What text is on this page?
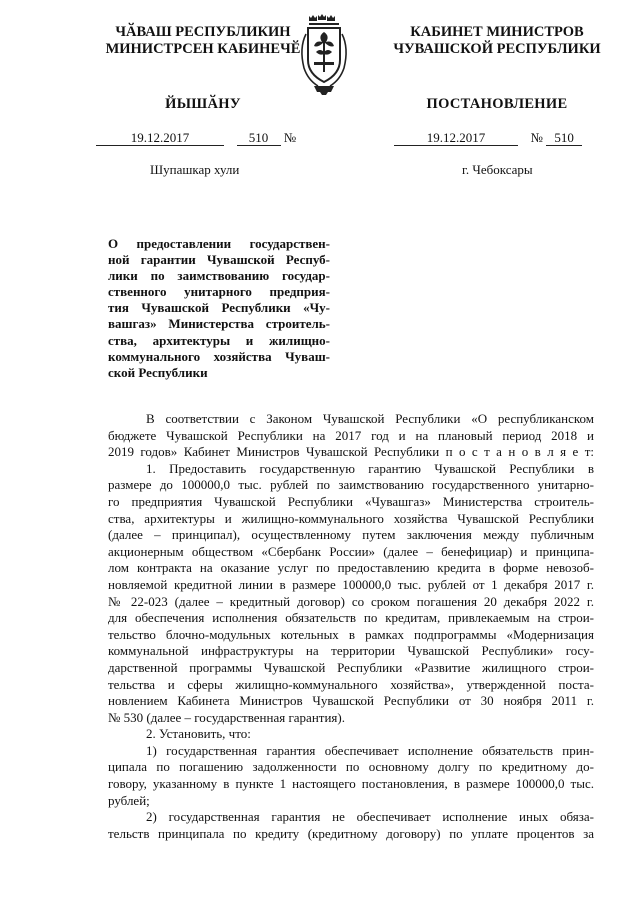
ЧӐВАШ РЕСПУБЛИКИН
МИНИСТРСЕН КАБИНЕЧӖ
ЙЫШӐНУ
КАБИНЕТ МИНИСТРОВ
ЧУВАШСКОЙ РЕСПУБЛИКИ
ПОСТАНОВЛЕНИЕ
19.12.2017	510 №	19.12.2017	№ 510
Шупашкар хули	г. Чебоксары
О предоставлении государствен-
ной гарантии Чувашской Респуб-
лики по заимствованию государ-
ственного унитарного предприя-
тия Чувашской Республики «Чу-
вашгаз» Министерства строитель-
ства, архитектуры и жилищно-
коммунального хозяйства Чуваш-
ской Республики
В соответствии с Законом Чувашской Республики «О республиканском
бюджете Чувашской Республики на 2017 год и на плановый период 2018 и
2019 годов» Кабинет Министров Чувашской Республики п о с т а н о в л я е т:
1. Предоставить государственную гарантию Чувашской Республики в
размере до 100000,0 тыс. рублей по заимствованию государственного унитарно-
го предприятия Чувашской Республики «Чувашгаз» Министерства строитель-
ства, архитектуры и жилищно-коммунального хозяйства Чувашской Республики
(далее – принципал), осуществленному путем заключения между публичным
акционерным обществом «Сбербанк России» (далее – бенефициар) и принципа-
лом контракта на оказание услуг по предоставлению кредита в форме невозоб-
новляемой кредитной линии в размере 100000,0 тыс. рублей от 1 декабря 2017 г.
№ 22-023 (далее – кредитный договор) со сроком погашения 20 декабря 2022 г.
для обеспечения исполнения обязательств по кредитам, привлекаемым на строи-
тельство блочно-модульных котельных в рамках подпрограммы «Модернизация
коммунальной инфраструктуры на территории Чувашской Республики» госу-
дарственной программы Чувашской Республики «Развитие жилищного строи-
тельства и сферы жилищно-коммунального хозяйства», утвержденной поста-
новлением Кабинета Министров Чувашской Республики от 30 ноября 2011 г.
№ 530 (далее – государственная гарантия).
2. Установить, что:
1) государственная гарантия обеспечивает исполнение обязательств прин-
ципала по погашению задолженности по основному долгу по кредитному до-
говору, указанному в пункте 1 настоящего постановления, в размере 100000,0 тыс.
рублей;
2) государственная гарантия не обеспечивает исполнение иных обяза-
тельств принципала по кредиту (кредитному договору) по уплате процентов за
